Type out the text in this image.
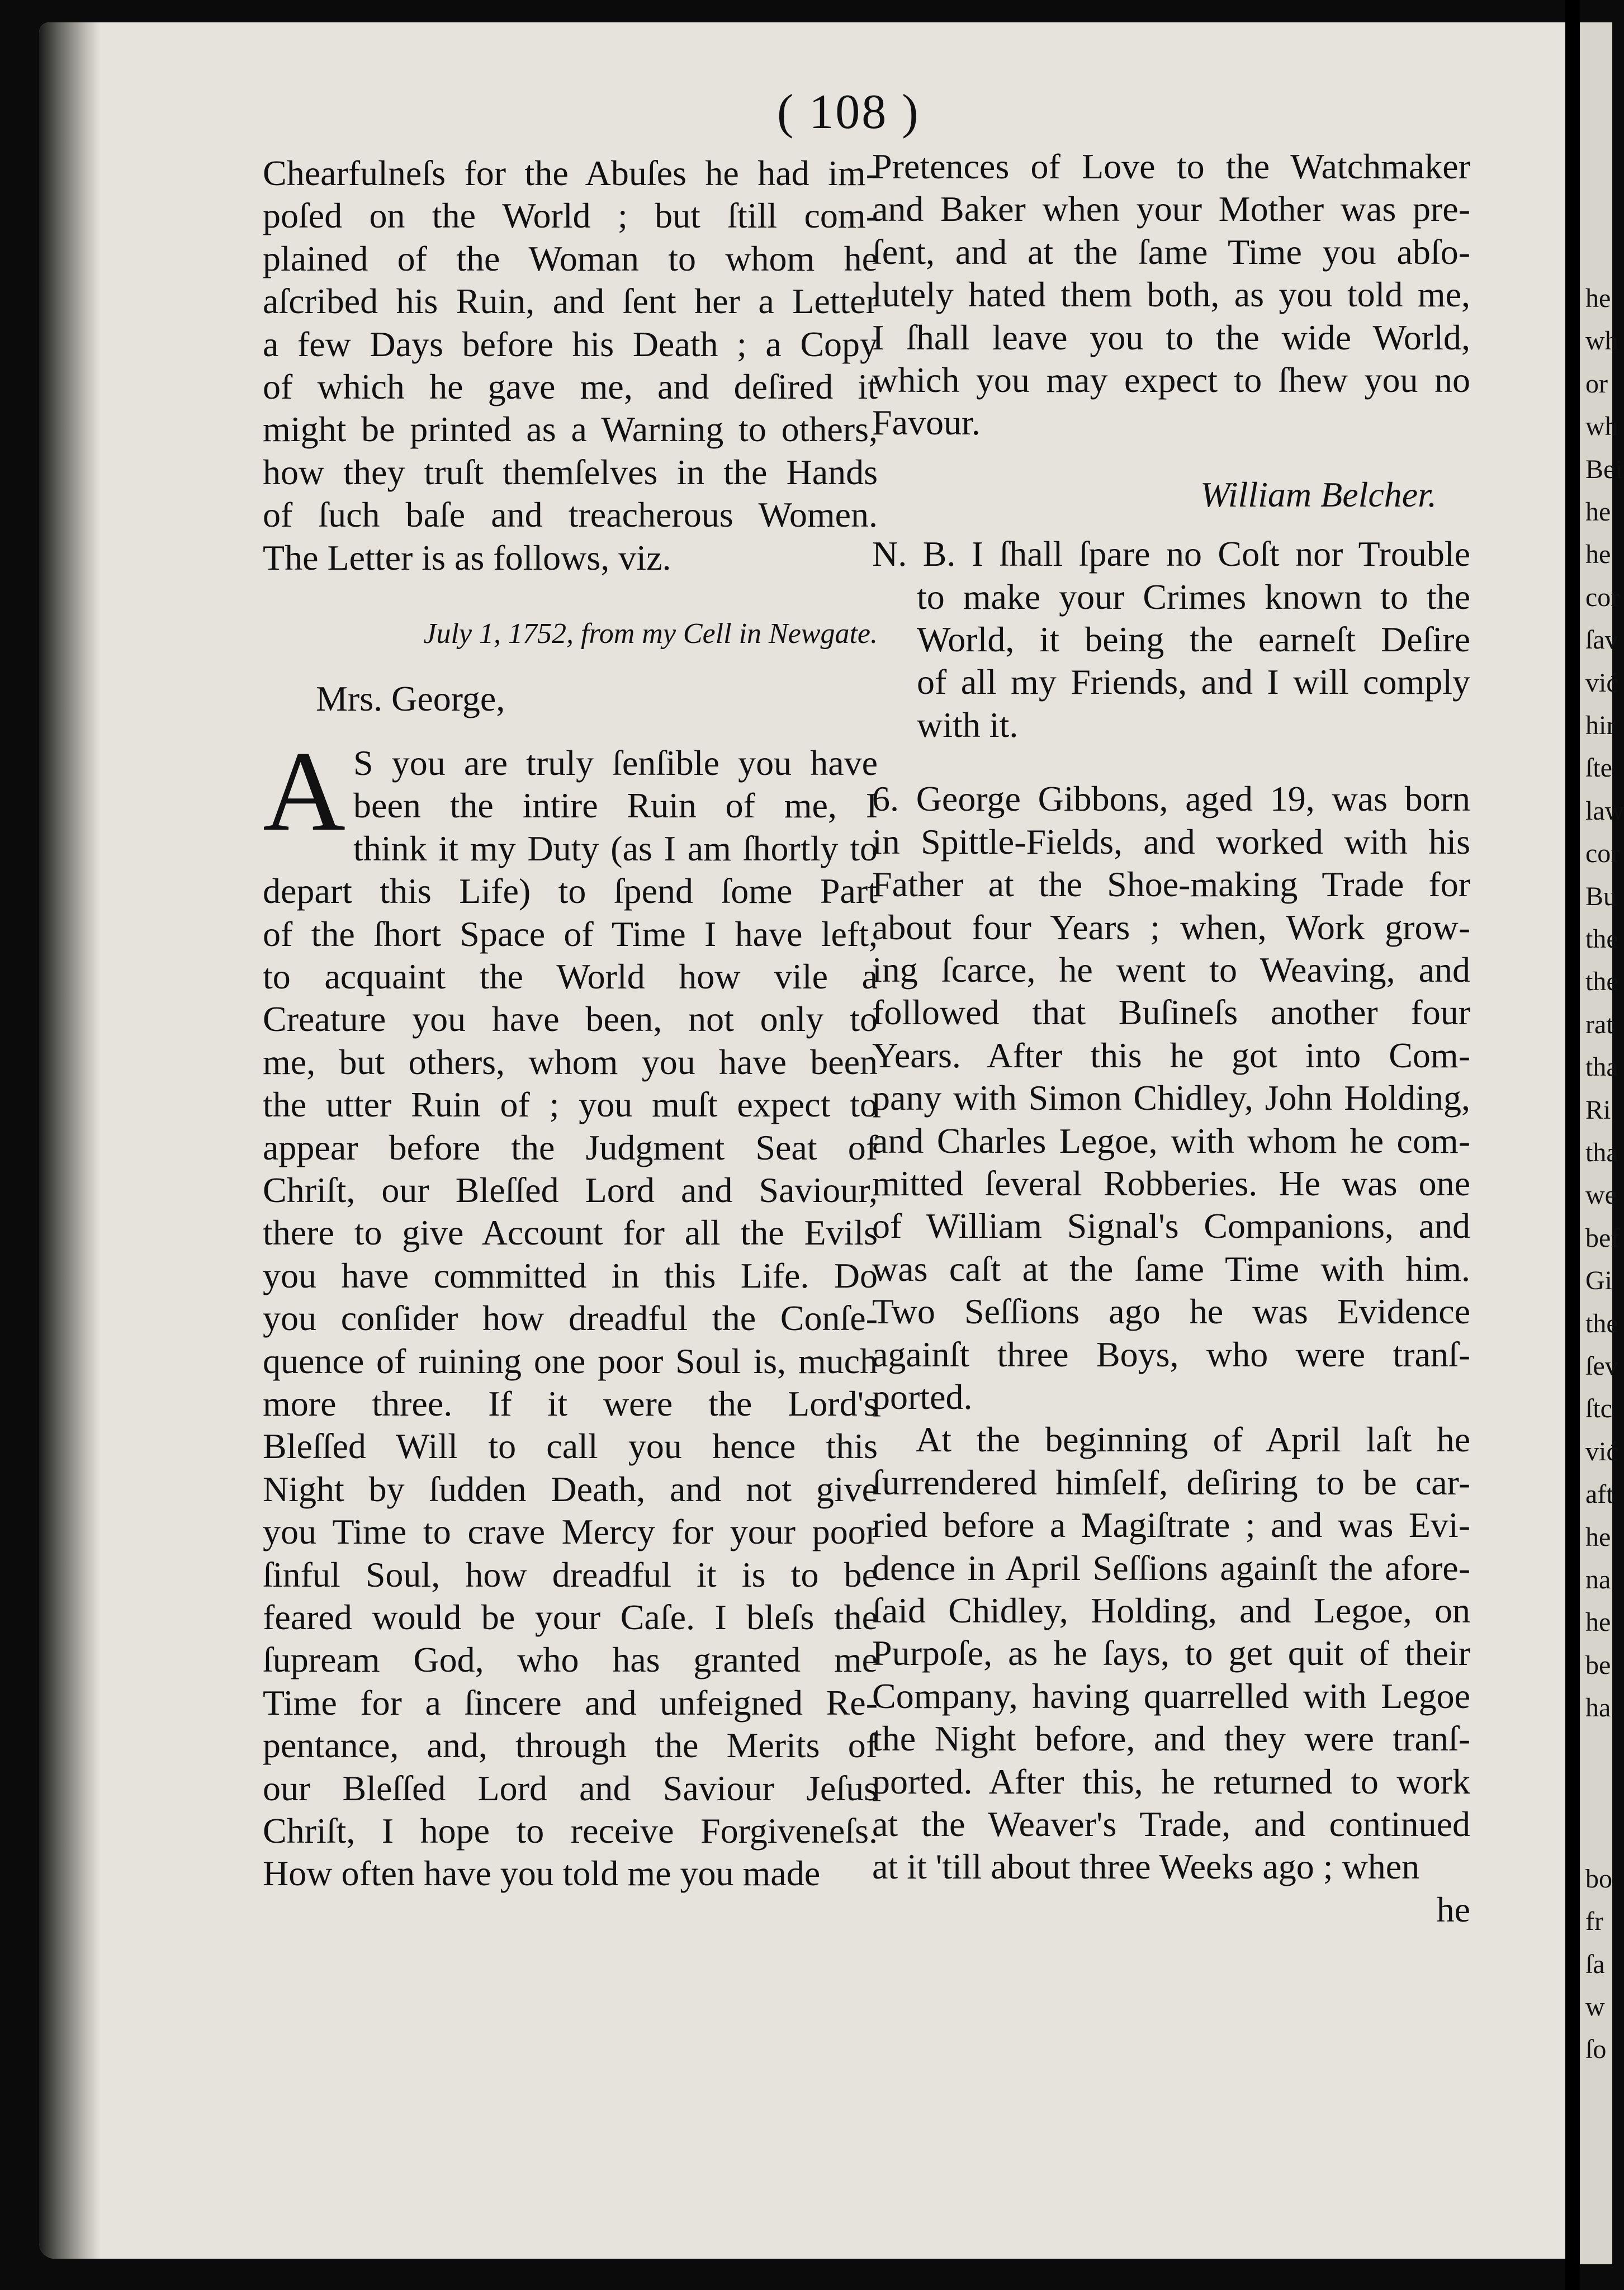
he
wh
or
wh
Bei
he
he
cor
ſav
vić
hir
ſte
law
cor
Bu
the
the
rat
tha
Ri
tha
we
bef
Gi
the
ſev
ſtc
vić
aft
he
na
he
be
ha
bo
fr
ſa
w
ſo
( 108 )
Chearfulneſs for the Abuſes he had im-
poſed on the World ; but ſtill com-
plained of the Woman to whom he
aſcribed his Ruin, and ſent her a Letter
a few Days before his Death ; a Copy
of which he gave me, and deſired it
might be printed as a Warning to others,
how they truſt themſelves in the Hands
of ſuch baſe and treacherous Women.
The Letter is as follows, viz.
July 1, 1752, from my Cell in Newgate.
Mrs. George,
A S you are truly ſenſible you have
been the intire Ruin of me, I
think it my Duty (as I am ſhortly to
depart this Life) to ſpend ſome Part
of the ſhort Space of Time I have left,
to acquaint the World how vile a
Creature you have been, not only to
me, but others, whom you have been
the utter Ruin of ; you muſt expect to
appear before the Judgment Seat of
Chriſt, our Bleſſed Lord and Saviour,
there to give Account for all the Evils
you have committed in this Life. Do
you conſider how dreadful the Conſe-
quence of ruining one poor Soul is, much
more three. If it were the Lord's
Bleſſed Will to call you hence this
Night by ſudden Death, and not give
you Time to crave Mercy for your poor
ſinful Soul, how dreadful it is to be
feared would be your Caſe. I bleſs the
ſupream God, who has granted me
Time for a ſincere and unfeigned Re-
pentance, and, through the Merits of
our Bleſſed Lord and Saviour Jeſus
Chriſt, I hope to receive Forgiveneſs.
How often have you told me you made
Pretences of Love to the Watchmaker
and Baker when your Mother was pre-
ſent, and at the ſame Time you abſo-
lutely hated them both, as you told me,
I ſhall leave you to the wide World,
which you may expect to ſhew you no
Favour.
William Belcher.
N. B. I ſhall ſpare no Coſt nor Trouble
to make your Crimes known to the
World, it being the earneſt Deſire
of all my Friends, and I will comply
with it.
6. George Gibbons, aged 19, was born
in Spittle-Fields, and worked with his
Father at the Shoe-making Trade for
about four Years ; when, Work grow-
ing ſcarce, he went to Weaving, and
followed that Buſineſs another four
Years. After this he got into Com-
pany with Simon Chidley, John Holding,
and Charles Legoe, with whom he com-
mitted ſeveral Robberies. He was one
of William Signal's Companions, and
was caſt at the ſame Time with him.
Two Seſſions ago he was Evidence
againſt three Boys, who were tranſ-
ported.
At the beginning of April laſt he
ſurrendered himſelf, deſiring to be car-
ried before a Magiſtrate ; and was Evi-
dence in April Seſſions againſt the afore-
ſaid Chidley, Holding, and Legoe, on
Purpoſe, as he ſays, to get quit of their
Company, having quarrelled with Legoe
the Night before, and they were tranſ-
ported. After this, he returned to work
at the Weaver's Trade, and continued
at it 'till about three Weeks ago ; when
he
